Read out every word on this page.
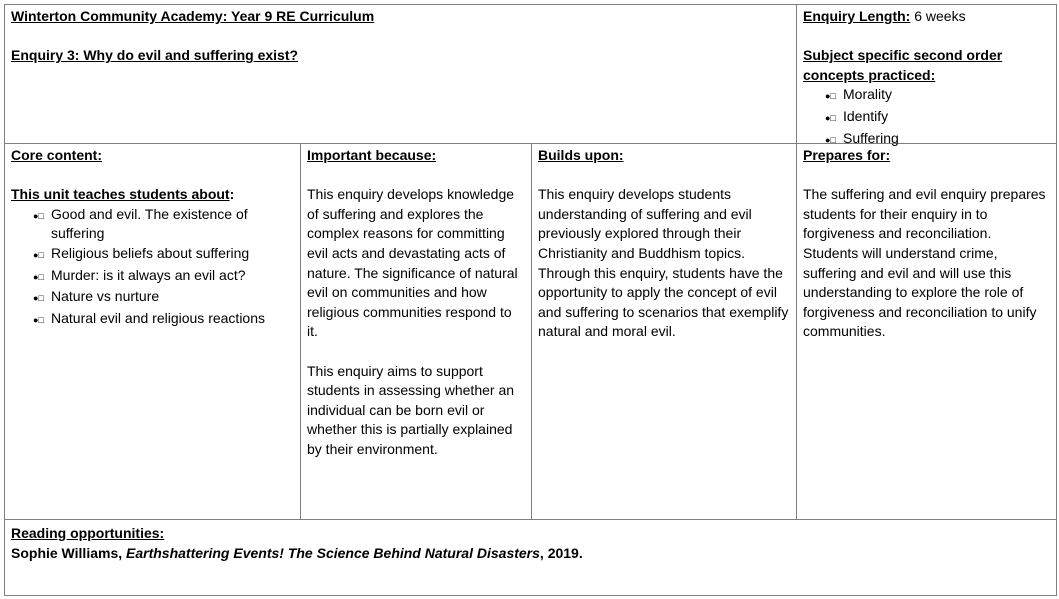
Winterton Community Academy: Year 9 RE Curriculum

Enquiry 3: Why do evil and suffering exist?

Enquiry Length: 6 weeks

Subject specific second order concepts practiced:

●□
Morality
●□
Identify
●□
Suffering

Core content:

This unit teaches students about:

●□
Good and evil. The existence of suffering
●□
Religious beliefs about suffering
●□
Murder: is it always an evil act?
●□
Nature vs nurture
●□
Natural evil and religious reactions

Important because:

This enquiry develops knowledge of suffering and explores the complex reasons for committing evil acts and devastating acts of nature. The significance of natural evil on communities and how religious communities respond to it.

This enquiry aims to support students in assessing whether an individual can be born evil or whether this is partially explained by their environment.

Builds upon:

This enquiry develops students understanding of suffering and evil previously explored through their Christianity and Buddhism topics. Through this enquiry, students have the opportunity to apply the concept of evil and suffering to scenarios that exemplify natural and moral evil.

Prepares for:

The suffering and evil enquiry prepares students for their enquiry in to forgiveness and reconciliation. Students will understand crime, suffering and evil and will use this understanding to explore the role of forgiveness and reconciliation to unify communities.

Reading opportunities:

Sophie Williams, Earthshattering Events! The Science Behind Natural Disasters, 2019.
